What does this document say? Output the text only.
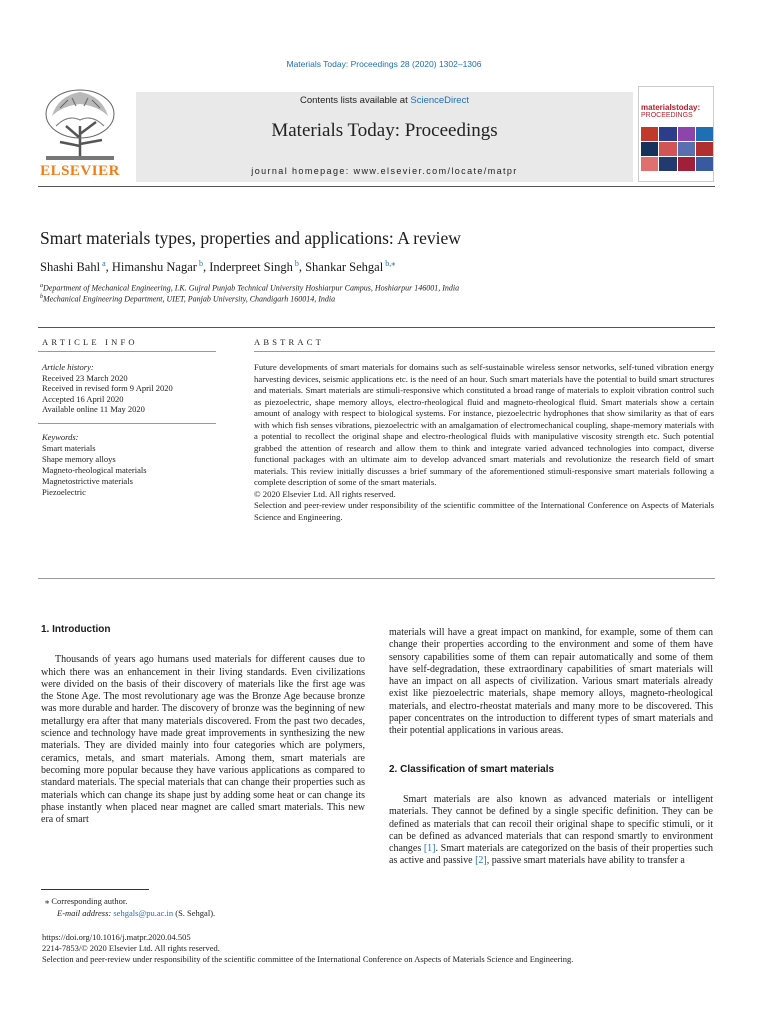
Materials Today: Proceedings 28 (2020) 1302–1306
ELSEVIER
Contents lists available at ScienceDirect
Materials Today: Proceedings
journal homepage: www.elsevier.com/locate/matpr
materialstoday:
PROCEEDINGS
Smart materials types, properties and applications: A review
Shashi Bahl $^a$, Himanshu Nagar $^b$, Inderpreet Singh $^b$, Shankar Sehgal $^{b,⁎}$
$^a$Department of Mechanical Engineering, I.K. Gujral Punjab Technical University Hoshiarpur Campus, Hoshiarpur 146001, India
$^b$Mechanical Engineering Department, UIET, Panjab University, Chandigarh 160014, India
ARTICLE INFO	ABSTRACT
Article history:
Received 23 March 2020
Received in revised form 9 April 2020
Accepted 16 April 2020
Available online 11 May 2020
Keywords:
Smart materials
Shape memory alloys
Magneto-rheological materials
Magnetostrictive materials
Piezoelectric

Future developments of smart materials for domains such as self-sustainable wireless sensor networks, self-tuned vibration energy harvesting devices, seismic applications etc. is the need of an hour. Such smart materials have the potential to build smart structures and materials. Smart materials are stimuli-responsive which constituted a broad range of materials to exploit vibration control such as piezoelectric, shape memory alloys, electro-rheological fluid and magneto-rheological fluid. Smart materials show a certain amount of analogy with respect to biological systems. For instance, piezoelectric hydrophones that show similarity as that of ears with which fish senses vibrations, piezoelectric with an amalgamation of electromechanical coupling, shape-memory materials with a potential to recollect the original shape and electro-rheological fluids with manipulative viscosity strength etc. Such potential grabbed the attention of research and allow them to think and integrate varied advanced technologies into compact, diverse functional packages with an ultimate aim to develop advanced smart materials and revolutionize the research field of smart materials. This review initially discusses a brief summary of the aforementioned stimuli-responsive smart materials following a complete description of some of the smart materials.

© 2020 Elsevier Ltd. All rights reserved.

Selection and peer-review under responsibility of the scientific committee of the International Conference on Aspects of Materials Science and Engineering.

1. Introduction

Thousands of years ago humans used materials for different causes due to which there was an enhancement in their living standards. Even civilizations were divided on the basis of their discovery of materials like the first age was the Stone Age. The most revolutionary age was the Bronze Age because bronze was more durable and harder. The discovery of bronze was the beginning of new metallurgy era after that many materials discovered. From the past two decades, science and technology have made great improvements in synthesizing the new materials. They are divided mainly into four categories which are polymers, ceramics, metals, and smart materials. Among them, smart materials are becoming more popular because they have various applications as compared to standard materials. The special materials that can change their properties such as materials which can change its shape just by adding some heat or can change its phase instantly when placed near magnet are called smart materials. This new era of smart

materials will have a great impact on mankind, for example, some of them can change their properties according to the environment and some of them have sensory capabilities some of them can repair automatically and some of them have self-degradation, these extraordinary capabilities of smart materials will have an impact on all aspects of civilization. Various smart materials already exist like piezoelectric materials, shape memory alloys, magneto-rheological materials, and electro-rheostat materials and many more to be discovered. This paper concentrates on the introduction to different types of smart materials and their potential applications in various areas.

2. Classification of smart materials

Smart materials are also known as advanced materials or intelligent materials. They cannot be defined by a single specific definition. They can be defined as materials that can recoil their original shape to specific stimuli, or it can be defined as advanced materials that can respond smartly to environment changes [1]. Smart materials are categorized on the basis of their properties such as active and passive [2], passive smart materials have ability to transfer a

⁎ Corresponding author.
E-mail address: sehgals@pu.ac.in (S. Sehgal).
https://doi.org/10.1016/j.matpr.2020.04.505
2214-7853/© 2020 Elsevier Ltd. All rights reserved.
Selection and peer-review under responsibility of the scientific committee of the International Conference on Aspects of Materials Science and Engineering.
